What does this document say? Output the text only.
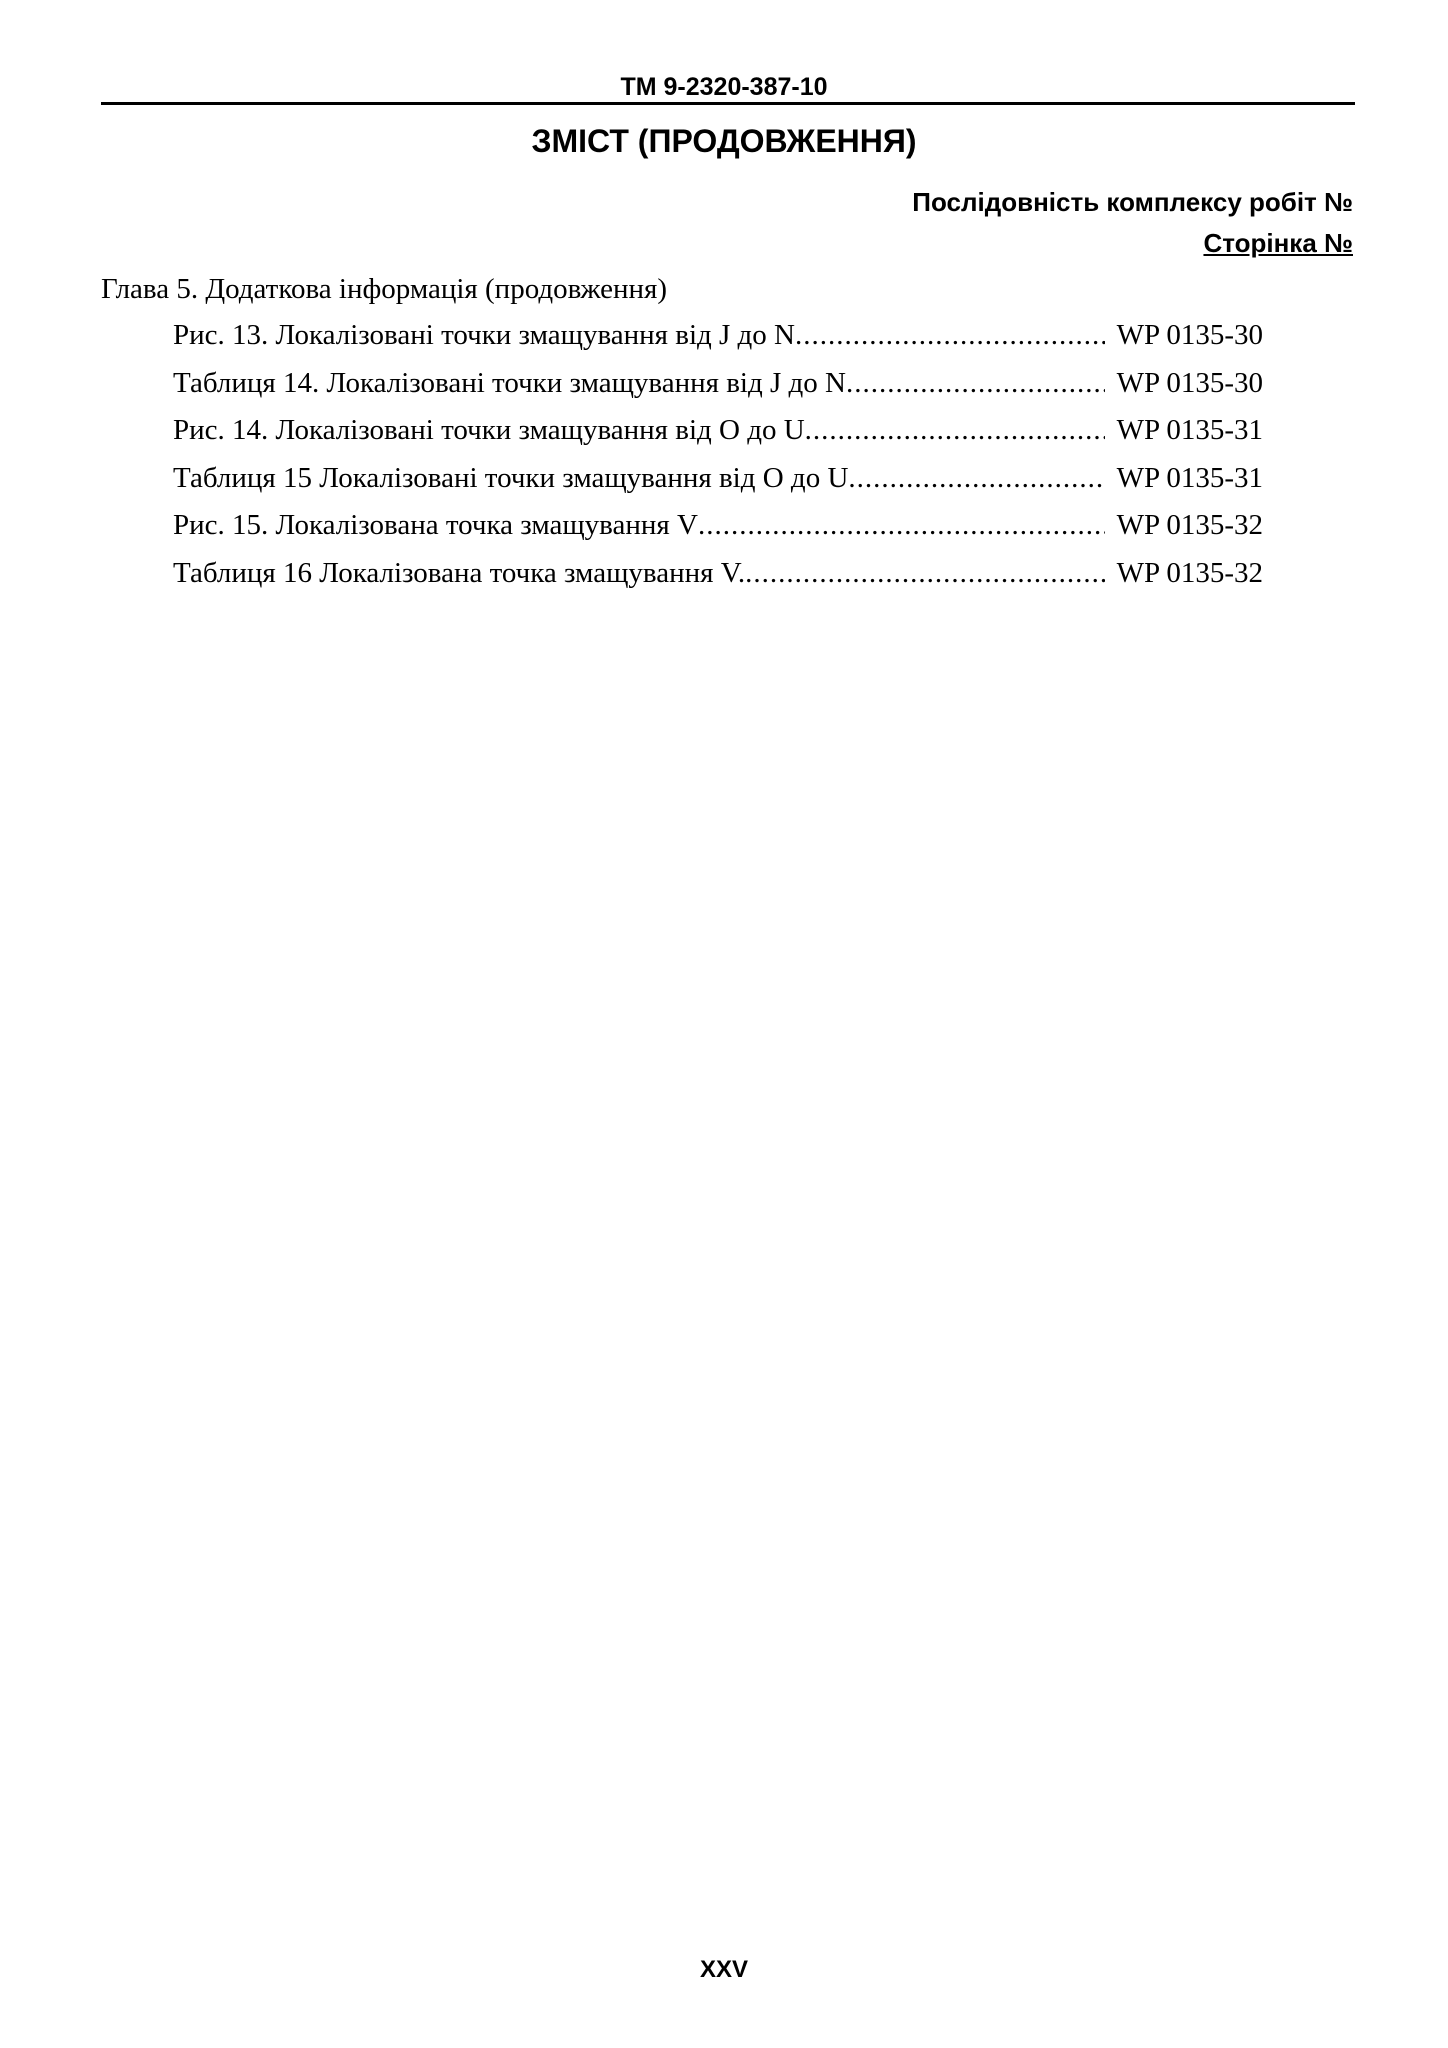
TM 9-2320-387-10
ЗМІСТ (ПРОДОВЖЕННЯ)
Послідовність комплексу робіт №
Сторінка №
Глава 5. Додаткова інформація (продовження)
Рис. 13. Локалізовані точки змащування від J до N .....	WP 0135-30
Таблиця 14. Локалізовані точки змащування від J до N .....	WP 0135-30
Рис. 14. Локалізовані точки змащування від O до U .....	WP 0135-31
Таблиця 15 Локалізовані точки змащування від O до U .....	WP 0135-31
Рис. 15. Локалізована точка змащування V .....	WP 0135-32
Таблиця 16 Локалізована точка змащування V. .....	WP 0135-32
XXV
